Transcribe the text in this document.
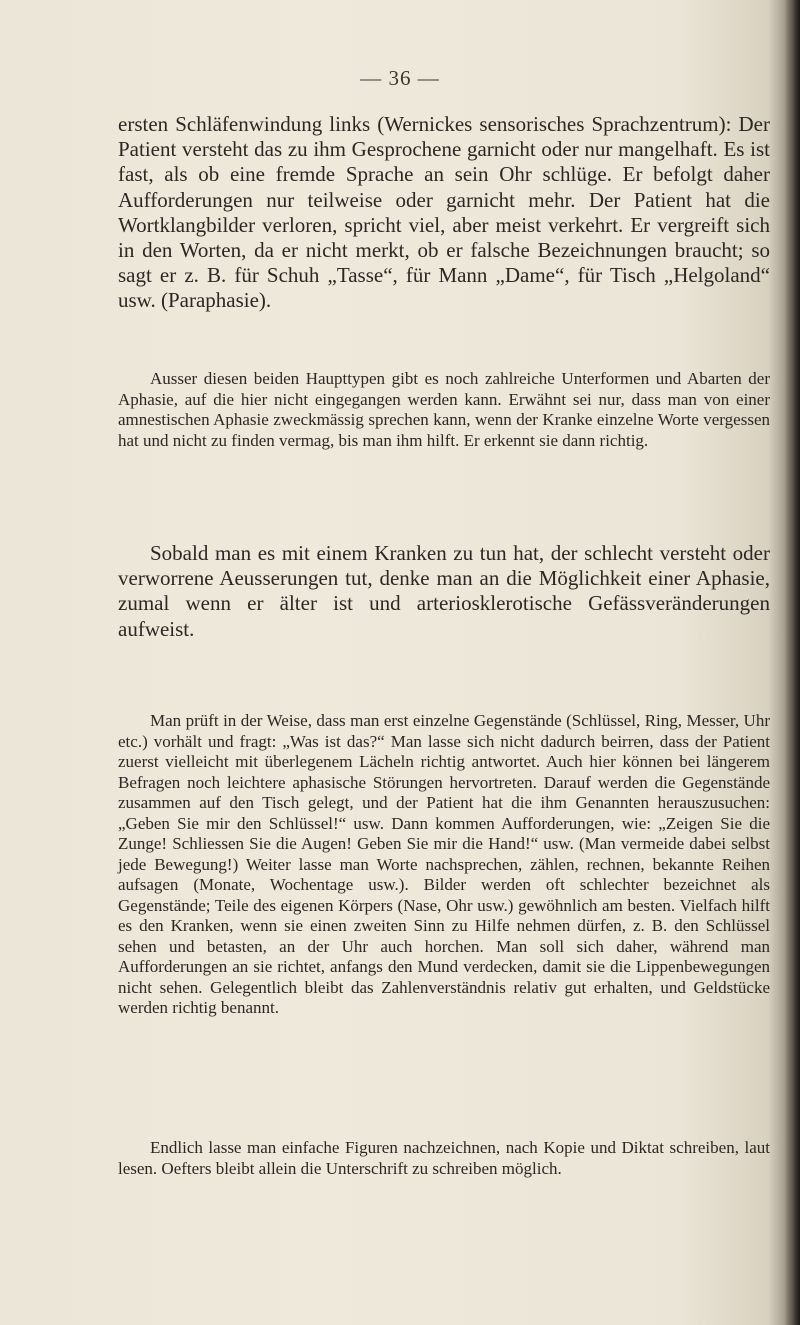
— 36 —

ersten Schläfenwindung links (Wernickes sensorisches Sprachzentrum): Der Patient versteht das zu ihm Gesprochene garnicht oder nur mangelhaft. Es ist fast, als ob eine fremde Sprache an sein Ohr schlüge. Er befolgt daher Aufforderungen nur teilweise oder garnicht mehr. Der Patient hat die Wortklangbilder verloren, spricht viel, aber meist verkehrt. Er vergreift sich in den Worten, da er nicht merkt, ob er falsche Bezeichnungen braucht; so sagt er z. B. für Schuh „Tasse“, für Mann „Dame“, für Tisch „Helgoland“ usw. (Paraphasie).

Ausser diesen beiden Haupttypen gibt es noch zahlreiche Unterformen und Abarten der Aphasie, auf die hier nicht eingegangen werden kann. Erwähnt sei nur, dass man von einer amnestischen Aphasie zweckmässig sprechen kann, wenn der Kranke einzelne Worte vergessen hat und nicht zu finden vermag, bis man ihm hilft. Er erkennt sie dann richtig.

Sobald man es mit einem Kranken zu tun hat, der schlecht versteht oder verworrene Aeusserungen tut, denke man an die Möglichkeit einer Aphasie, zumal wenn er älter ist und arteriosklerotische Gefässveränderungen aufweist.

Man prüft in der Weise, dass man erst einzelne Gegenstände (Schlüssel, Ring, Messer, Uhr etc.) vorhält und fragt: „Was ist das?“ Man lasse sich nicht dadurch beirren, dass der Patient zuerst vielleicht mit überlegenem Lächeln richtig antwortet. Auch hier können bei längerem Befragen noch leichtere aphasische Störungen hervortreten. Darauf werden die Gegenstände zusammen auf den Tisch gelegt, und der Patient hat die ihm Genannten herauszusuchen: „Geben Sie mir den Schlüssel!“ usw. Dann kommen Aufforderungen, wie: „Zeigen Sie die Zunge! Schliessen Sie die Augen! Geben Sie mir die Hand!“ usw. (Man vermeide dabei selbst jede Bewegung!) Weiter lasse man Worte nachsprechen, zählen, rechnen, bekannte Reihen aufsagen (Monate, Wochentage usw.). Bilder werden oft schlechter bezeichnet als Gegenstände; Teile des eigenen Körpers (Nase, Ohr usw.) gewöhnlich am besten. Vielfach hilft es den Kranken, wenn sie einen zweiten Sinn zu Hilfe nehmen dürfen, z. B. den Schlüssel sehen und betasten, an der Uhr auch horchen. Man soll sich daher, während man Aufforderungen an sie richtet, anfangs den Mund verdecken, damit sie die Lippenbewegungen nicht sehen. Gelegentlich bleibt das Zahlenverständnis relativ gut erhalten, und Geldstücke werden richtig benannt.

Endlich lasse man einfache Figuren nachzeichnen, nach Kopie und Diktat schreiben, laut lesen. Oefters bleibt allein die Unterschrift zu schreiben möglich.
